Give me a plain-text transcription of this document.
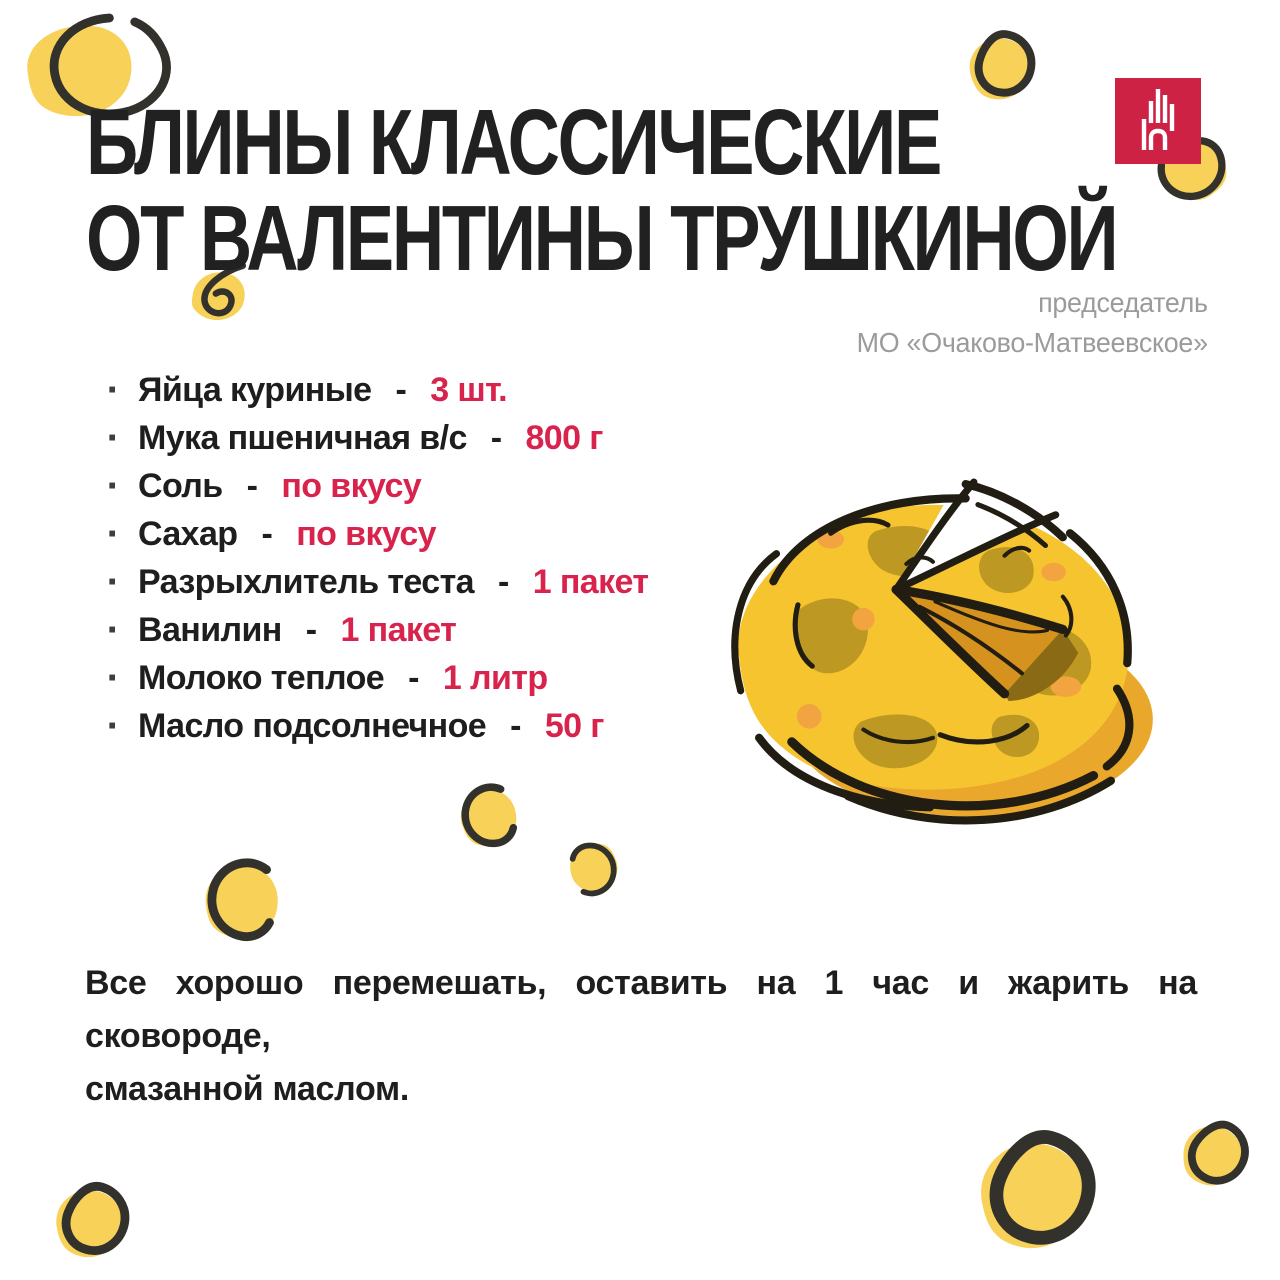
БЛИНЫ КЛАССИЧЕСКИЕ
ОТ ВАЛЕНТИНЫ ТРУШКИНОЙ
председатель
МО «Очаково-Матвеевское»
· Яйца куриные - 3 шт.
· Мука пшеничная в/с - 800 г
· Соль - по вкусу
· Сахар - по вкусу
· Разрыхлитель теста - 1 пакет
· Ванилин - 1 пакет
· Молоко теплое - 1 литр
· Масло подсолнечное - 50 г

Все хорошо перемешать, оставить на 1 час и жарить на сковороде,
смазанной маслом.
